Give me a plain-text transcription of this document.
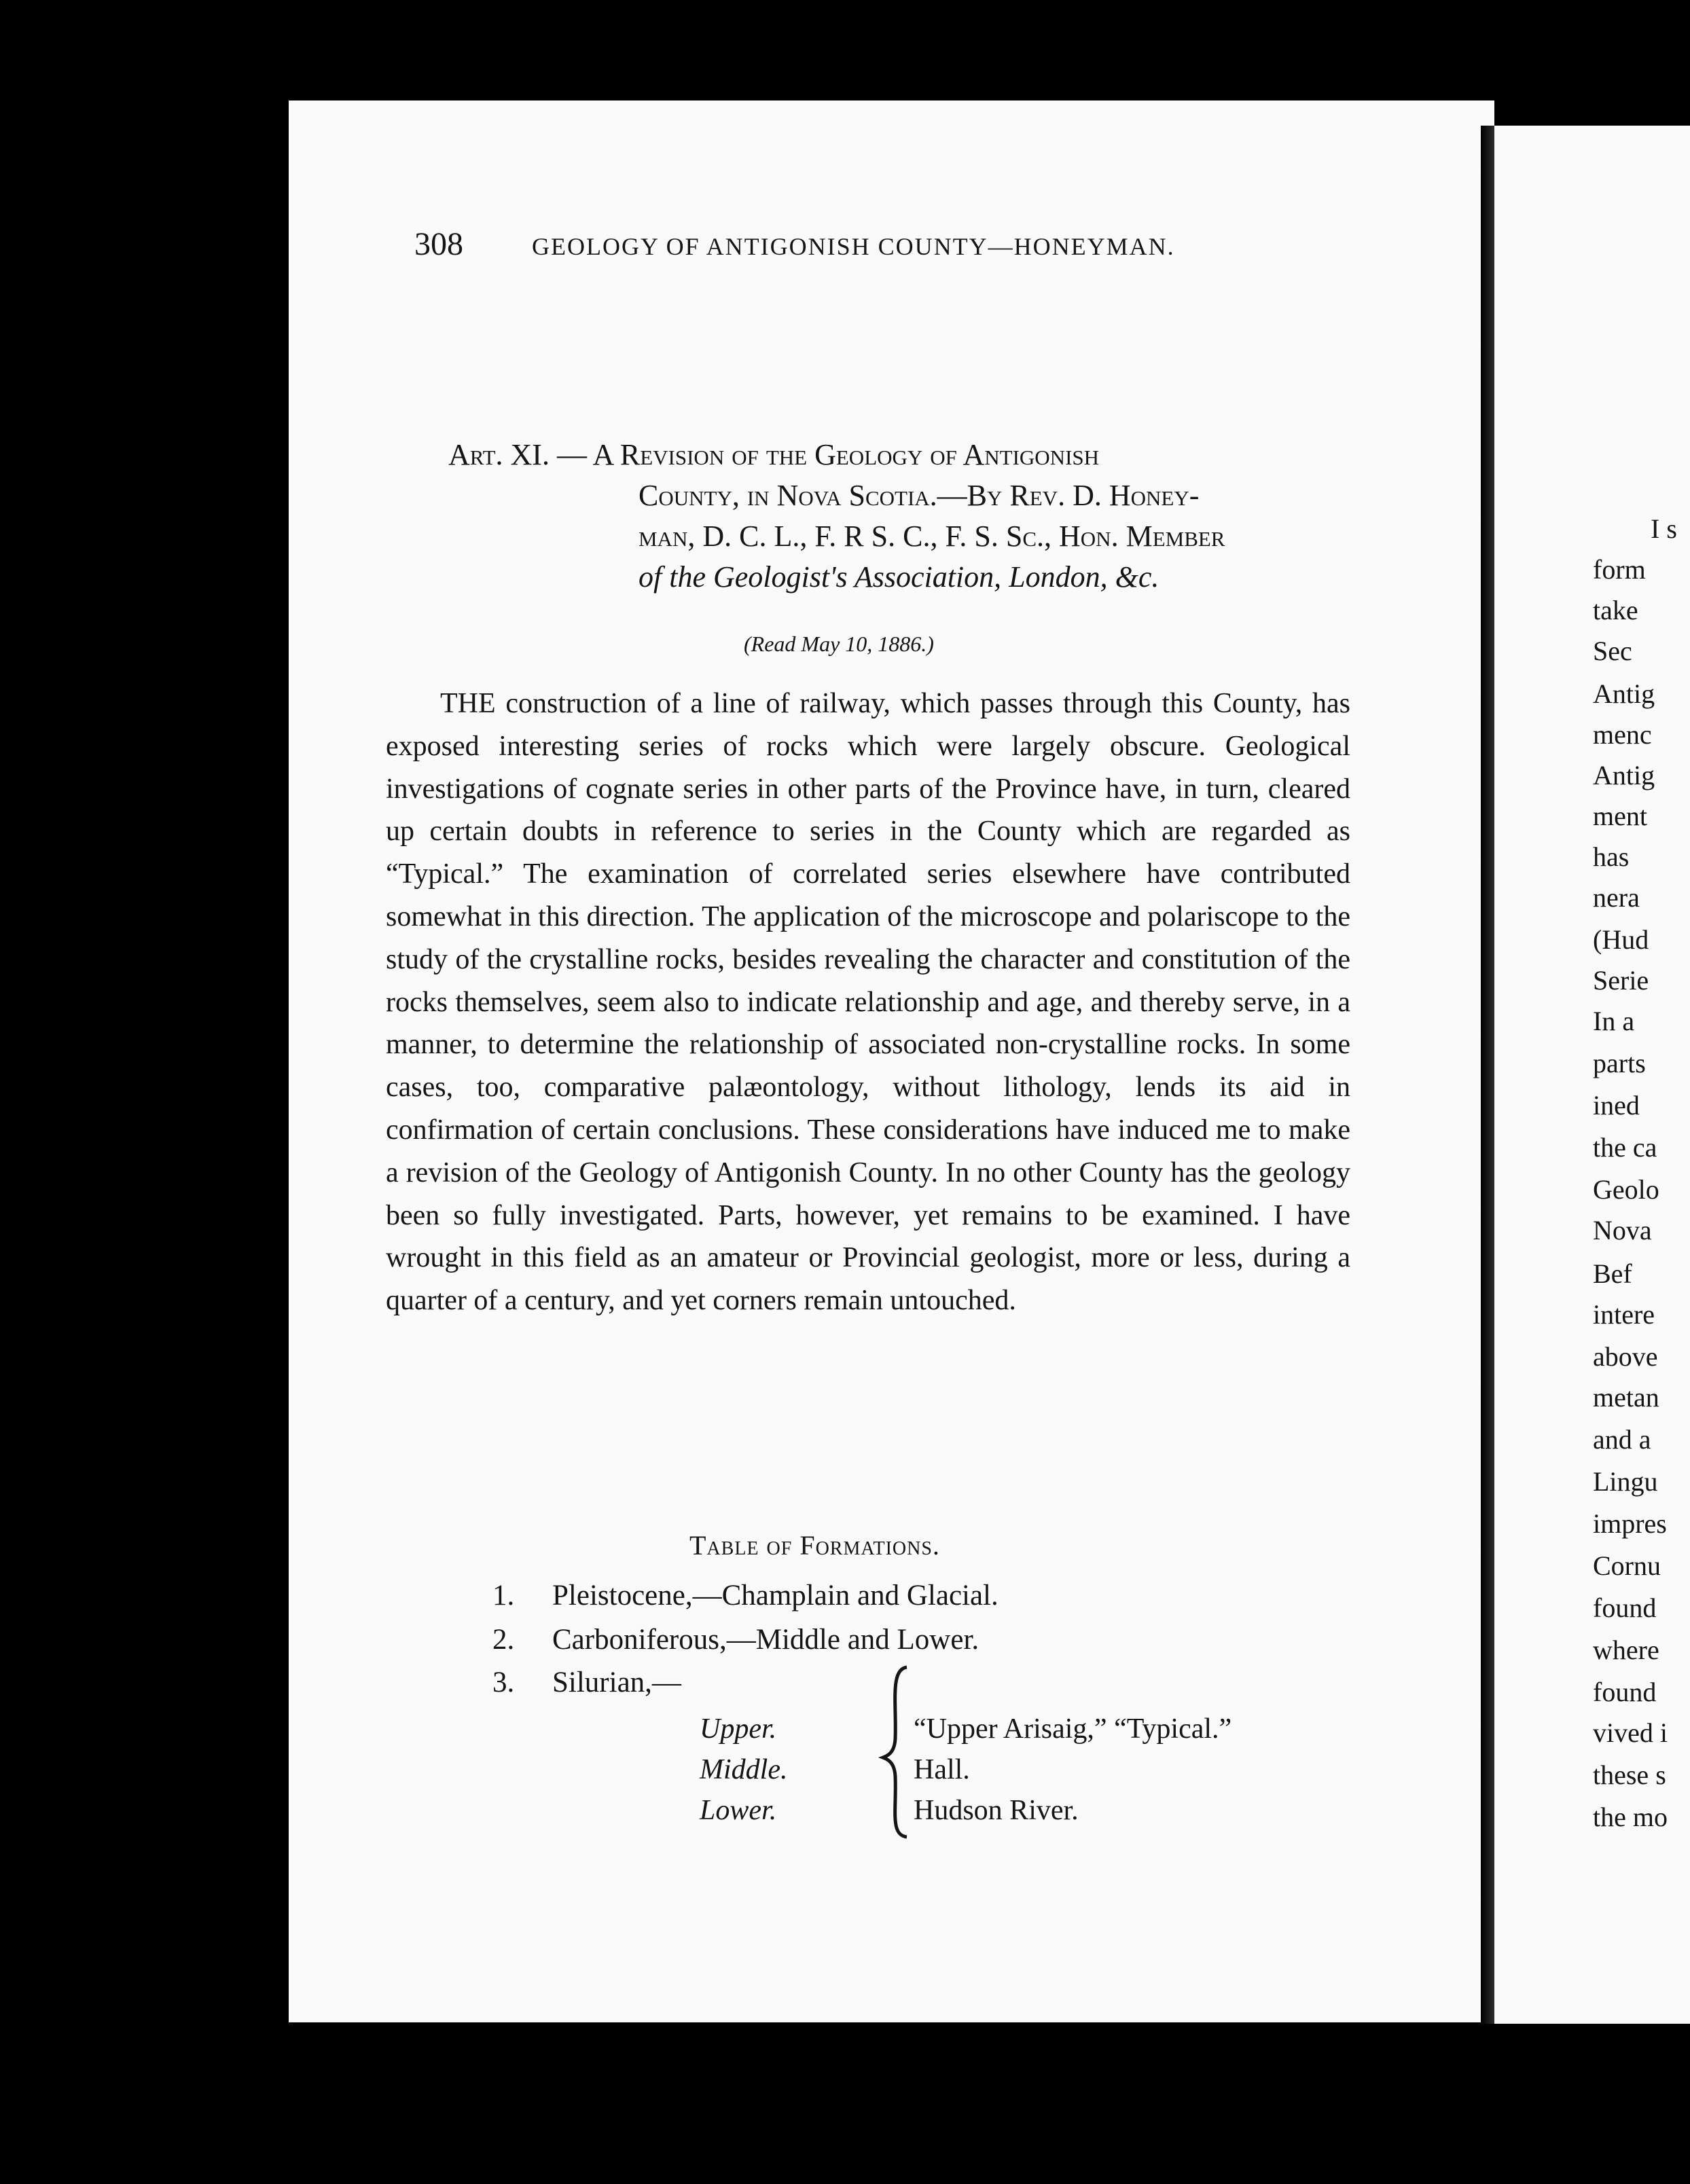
308	GEOLOGY OF ANTIGONISH COUNTY—HONEYMAN.
Art. XI. — A Revision of the Geology of Antigonish
County, in Nova Scotia.—By Rev. D. Honey-
man, D. C. L., F. R S. C., F. S. Sc., Hon. Member
of the Geologist's Association, London, &c.
(Read May 10, 1886.)

THE construction of a line of railway, which passes through this County, has exposed interesting series of rocks which were largely obscure. Geological investigations of cognate series in other parts of the Province have, in turn, cleared up certain doubts in reference to series in the County which are regarded as “Typical.” The examination of correlated series elsewhere have contributed somewhat in this direction. The application of the microscope and polariscope to the study of the crystalline rocks, besides revealing the character and constitution of the rocks themselves, seem also to indicate relationship and age, and thereby serve, in a manner, to determine the relationship of associated non-crystalline rocks. In some cases, too, comparative palæontology, without lithology, lends its aid in confirmation of certain conclusions. These considerations have induced me to make a revision of the Geology of Antigonish County. In no other County has the geology been so fully investigated. Parts, however, yet remains to be examined. I have wrought in this field as an amateur or Provincial geologist, more or less, during a quarter of a century, and yet corners remain untouched.

Table of Formations.
1. Pleistocene,—Champlain and Glacial.
2. Carboniferous,—Middle and Lower.
3. Silurian,—
Upper.
Middle.
Lower.
“Upper Arisaig,” “Typical.”
Hall.
Hudson River.
I s
form
take
Sec
Antig
menc
Antig
ment
has
nera
(Hud
Serie
In a
parts
ined
the ca
Geolo
Nova
Bef
intere
above
metan
and a
Lingu
impres
Cornu
found
where
found
vived i
these s
the mo
